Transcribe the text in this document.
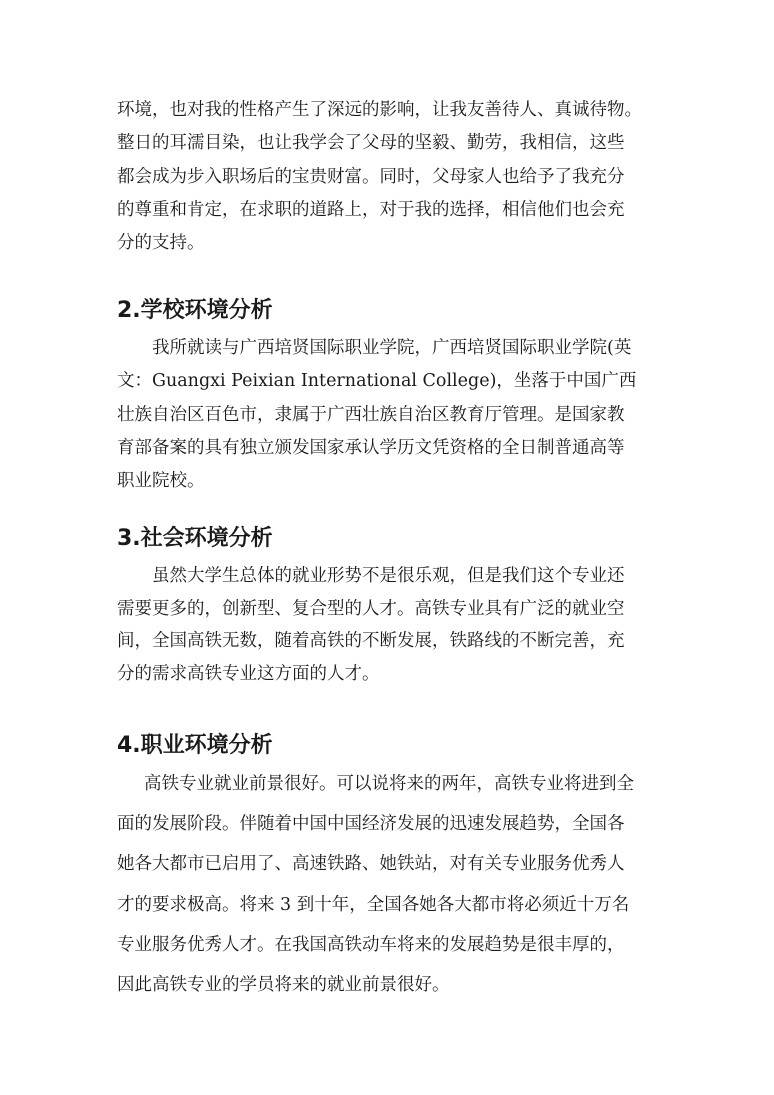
环境，也对我的性格产生了深远的影响，让我友善待人、真诚待物。
整日的耳濡目染，也让我学会了父母的坚毅、勤劳，我相信，这些
都会成为步入职场后的宝贵财富。同时，父母家人也给予了我充分
的尊重和肯定，在求职的道路上，对于我的选择，相信他们也会充
分的支持。
2.学校环境分析
我所就读与广西培贤国际职业学院，广西培贤国际职业学院(英
文：Guangxi Peixian International College)，坐落于中国广西
壮族自治区百色市，隶属于广西壮族自治区教育厅管理。是国家教
育部备案的具有独立颁发国家承认学历文凭资格的全日制普通高等
职业院校。
3.社会环境分析
虽然大学生总体的就业形势不是很乐观，但是我们这个专业还
需要更多的，创新型、复合型的人才。高铁专业具有广泛的就业空
间，全国高铁无数，随着高铁的不断发展，铁路线的不断完善，充
分的需求高铁专业这方面的人才。
4.职业环境分析
高铁专业就业前景很好。可以说将来的两年，高铁专业将进到全
面的发展阶段。伴随着中国中国经济发展的迅速发展趋势，全国各
她各大都市已启用了、高速铁路、她铁站，对有关专业服务优秀人
才的要求极高。将来 3 到十年，全国各她各大都市将必须近十万名
专业服务优秀人才。在我国高铁动车将来的发展趋势是很丰厚的，
因此高铁专业的学员将来的就业前景很好。
